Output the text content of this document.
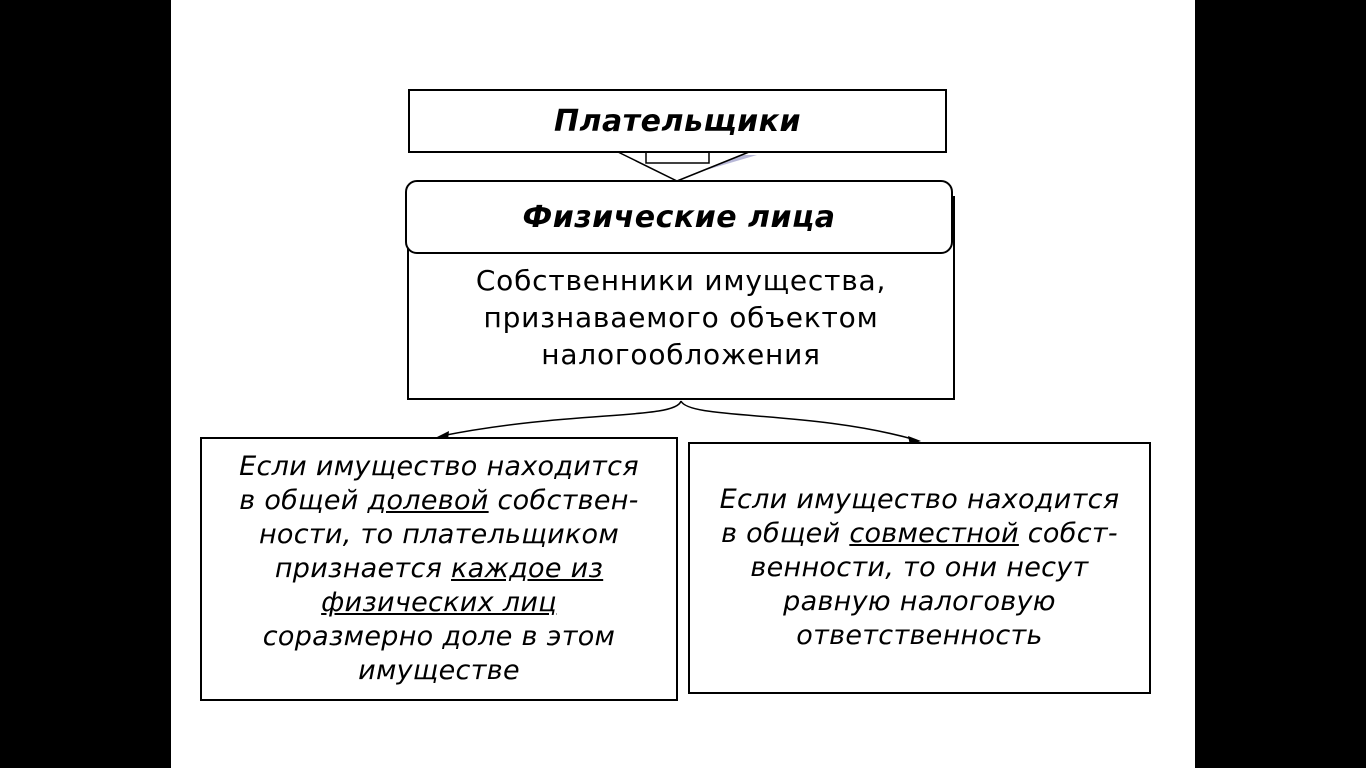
Плательщики
Физические лица
Собственники имущества,
признаваемого объектом
налогообложения
Если имущество находится
в общей долевой собствен-
ности, то плательщиком
признается каждое из
физических лиц
соразмерно доле в этом
имуществе
Если имущество находится
в общей совместной собст-
венности, то они несут
равную налоговую
ответственность
